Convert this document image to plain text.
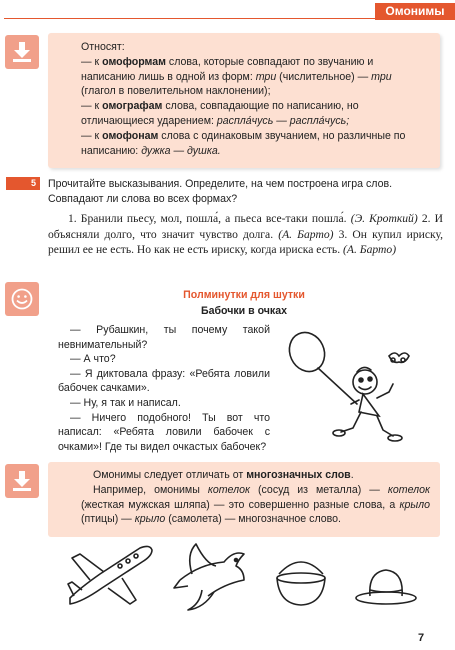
Омонимы

Относят:

— к омоформам слова, которые совпадают по звучанию и написанию лишь в одной из форм: три (числительное) — три (глагол в повелительном наклонении);

— к омографам слова, совпадающие по написанию, но отличающиеся ударением: распла́чусь — распла́чусь;

— к омофонам слова с одинаковым звучанием, но различные по написанию: дужка — душка.

5	Прочитайте высказывания. Определите, на чем построена игра слов. Совпадают ли слова во всех формах?
1. Бранили пьесу, мол, пошла́, а пьеса все-таки пошла́. (Э. Кроткий) 2. И объясняли долго, что значит чувство долга. (А. Барто) 3. Он купил ириску, решил ее не есть. Но как не есть ириску, когда ириска есть. (А. Барто)
Полминутки для шутки
Бабочки в очках

— Рубашкин, ты почему такой невнимательный?

— А что?

— Я диктовала фразу: «Ребята ловили бабочек сачками».

— Ну, я так и написал.

— Ничего подобного! Ты вот что написал: «Ребята ловили бабочек с очками»! Где ты видел очкастых бабочек?

Омонимы следует отличать от многозначных слов.

Например, омонимы котелок (сосуд из металла) — котелок (жесткая мужская шляпа) — это совершенно разные слова, а крыло (птицы) — крыло (самолета) — многозначное слово.

7
